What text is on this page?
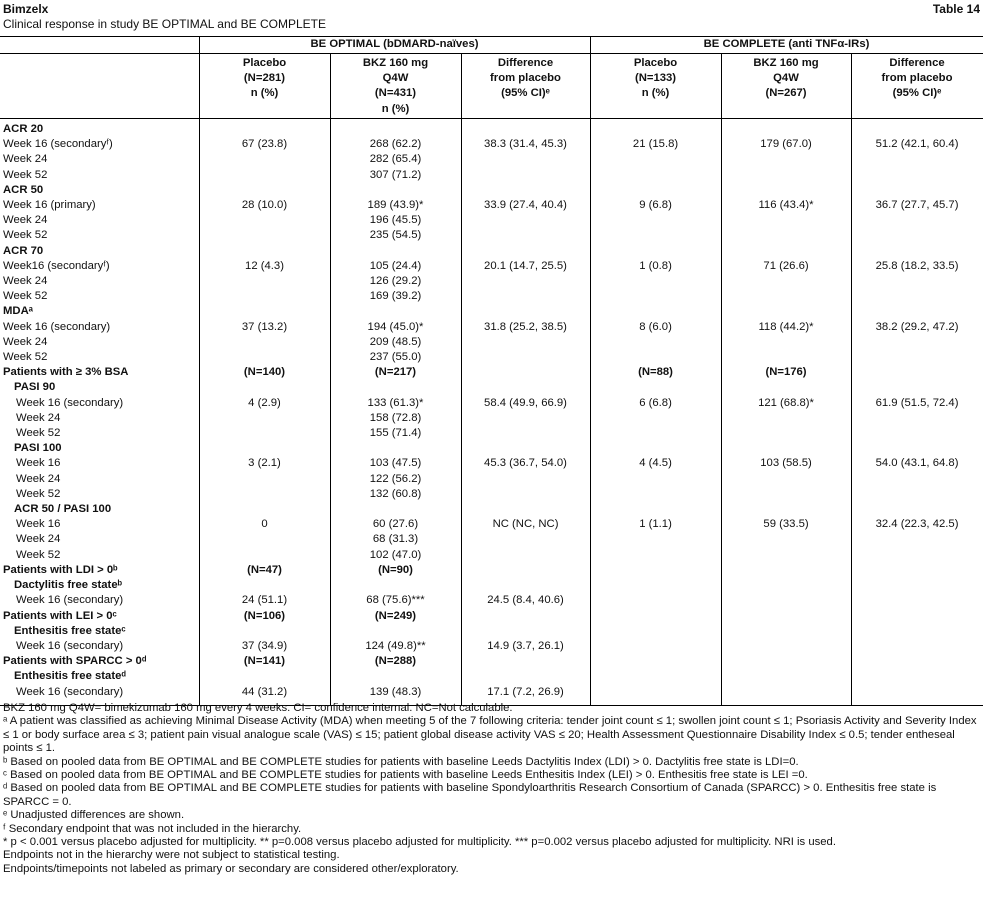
Bimzelx	Table 14
Clinical response in study BE OPTIMAL and BE COMPLETE
	BE OPTIMAL (bDMARD-naïves)			BE COMPLETE (anti TNFα-IRs)		
	Placebo
(N=281)
n (%)	BKZ 160 mg
Q4W
(N=431)
n (%)	Difference
from placebo
(95% CI)ᵉ	Placebo
(N=133)
n (%)	BKZ 160 mg
Q4W
(N=267)	Difference
from placebo
(95% CI)ᵉ
ACR 20						
Week 16 (secondaryᶠ)	67 (23.8)	268 (62.2)	38.3 (31.4, 45.3)	21 (15.8)	179 (67.0)	51.2 (42.1, 60.4)
Week 24		282 (65.4)				
Week 52		307 (71.2)				
ACR 50						
Week 16 (primary)	28 (10.0)	189 (43.9)*	33.9 (27.4, 40.4)	9 (6.8)	116 (43.4)*	36.7 (27.7, 45.7)
Week 24		196 (45.5)				
Week 52		235 (54.5)				
ACR 70						
Week16 (secondaryᶠ)	12 (4.3)	105 (24.4)	20.1 (14.7, 25.5)	1 (0.8)	71 (26.6)	25.8 (18.2, 33.5)
Week 24		126 (29.2)				
Week 52		169 (39.2)				
MDAᵃ						
Week 16 (secondary)	37 (13.2)	194 (45.0)*	31.8 (25.2, 38.5)	8 (6.0)	118 (44.2)*	38.2 (29.2, 47.2)
Week 24		209 (48.5)				
Week 52		237 (55.0)				
Patients with ≥ 3% BSA	(N=140)	(N=217)		(N=88)	(N=176)	
PASI 90						
Week 16 (secondary)	4 (2.9)	133 (61.3)*	58.4 (49.9, 66.9)	6 (6.8)	121 (68.8)*	61.9 (51.5, 72.4)
Week 24		158 (72.8)				
Week 52		155 (71.4)				
PASI 100						
Week 16	3 (2.1)	103 (47.5)	45.3 (36.7, 54.0)	4 (4.5)	103 (58.5)	54.0 (43.1, 64.8)
Week 24		122 (56.2)				
Week 52		132 (60.8)				
ACR 50 / PASI 100						
Week 16	0	60 (27.6)	NC (NC, NC)	1 (1.1)	59 (33.5)	32.4 (22.3, 42.5)
Week 24		68 (31.3)				
Week 52		102 (47.0)				
Patients with LDI > 0ᵇ	(N=47)	(N=90)				
Dactylitis free stateᵇ						
Week 16 (secondary)	24 (51.1)	68 (75.6)***	24.5 (8.4, 40.6)			
Patients with LEI > 0ᶜ	(N=106)	(N=249)				
Enthesitis free stateᶜ						
Week 16 (secondary)	37 (34.9)	124 (49.8)**	14.9 (3.7, 26.1)			
Patients with SPARCC > 0ᵈ	(N=141)	(N=288)				
Enthesitis free stateᵈ						
Week 16 (secondary)	44 (31.2)	139 (48.3)	17.1 (7.2, 26.9)			

BKZ 160 mg Q4W= bimekizumab 160 mg every 4 weeks. CI= confidence internal. NC=Not calculable.

ᵃ A patient was classified as achieving Minimal Disease Activity (MDA) when meeting 5 of the 7 following criteria: tender joint count ≤ 1; swollen joint count ≤ 1; Psoriasis Activity and Severity Index ≤ 1 or body surface area ≤ 3; patient pain visual analogue scale (VAS) ≤ 15; patient global disease activity VAS ≤ 20; Health Assessment Questionnaire Disability Index ≤ 0.5; tender entheseal points ≤ 1.

ᵇ Based on pooled data from BE OPTIMAL and BE COMPLETE studies for patients with baseline Leeds Dactylitis Index (LDI) > 0. Dactylitis free state is LDI=0.

ᶜ Based on pooled data from BE OPTIMAL and BE COMPLETE studies for patients with baseline Leeds Enthesitis Index (LEI) > 0. Enthesitis free state is LEI =0.

ᵈ Based on pooled data from BE OPTIMAL and BE COMPLETE studies for patients with baseline Spondyloarthritis Research Consortium of Canada (SPARCC) > 0. Enthesitis free state is SPARCC = 0.

ᵉ Unadjusted differences are shown.

ᶠ Secondary endpoint that was not included in the hierarchy.

* p < 0.001 versus placebo adjusted for multiplicity. ** p=0.008 versus placebo adjusted for multiplicity. *** p=0.002 versus placebo adjusted for multiplicity. NRI is used.

Endpoints not in the hierarchy were not subject to statistical testing.

Endpoints/timepoints not labeled as primary or secondary are considered other/exploratory.
